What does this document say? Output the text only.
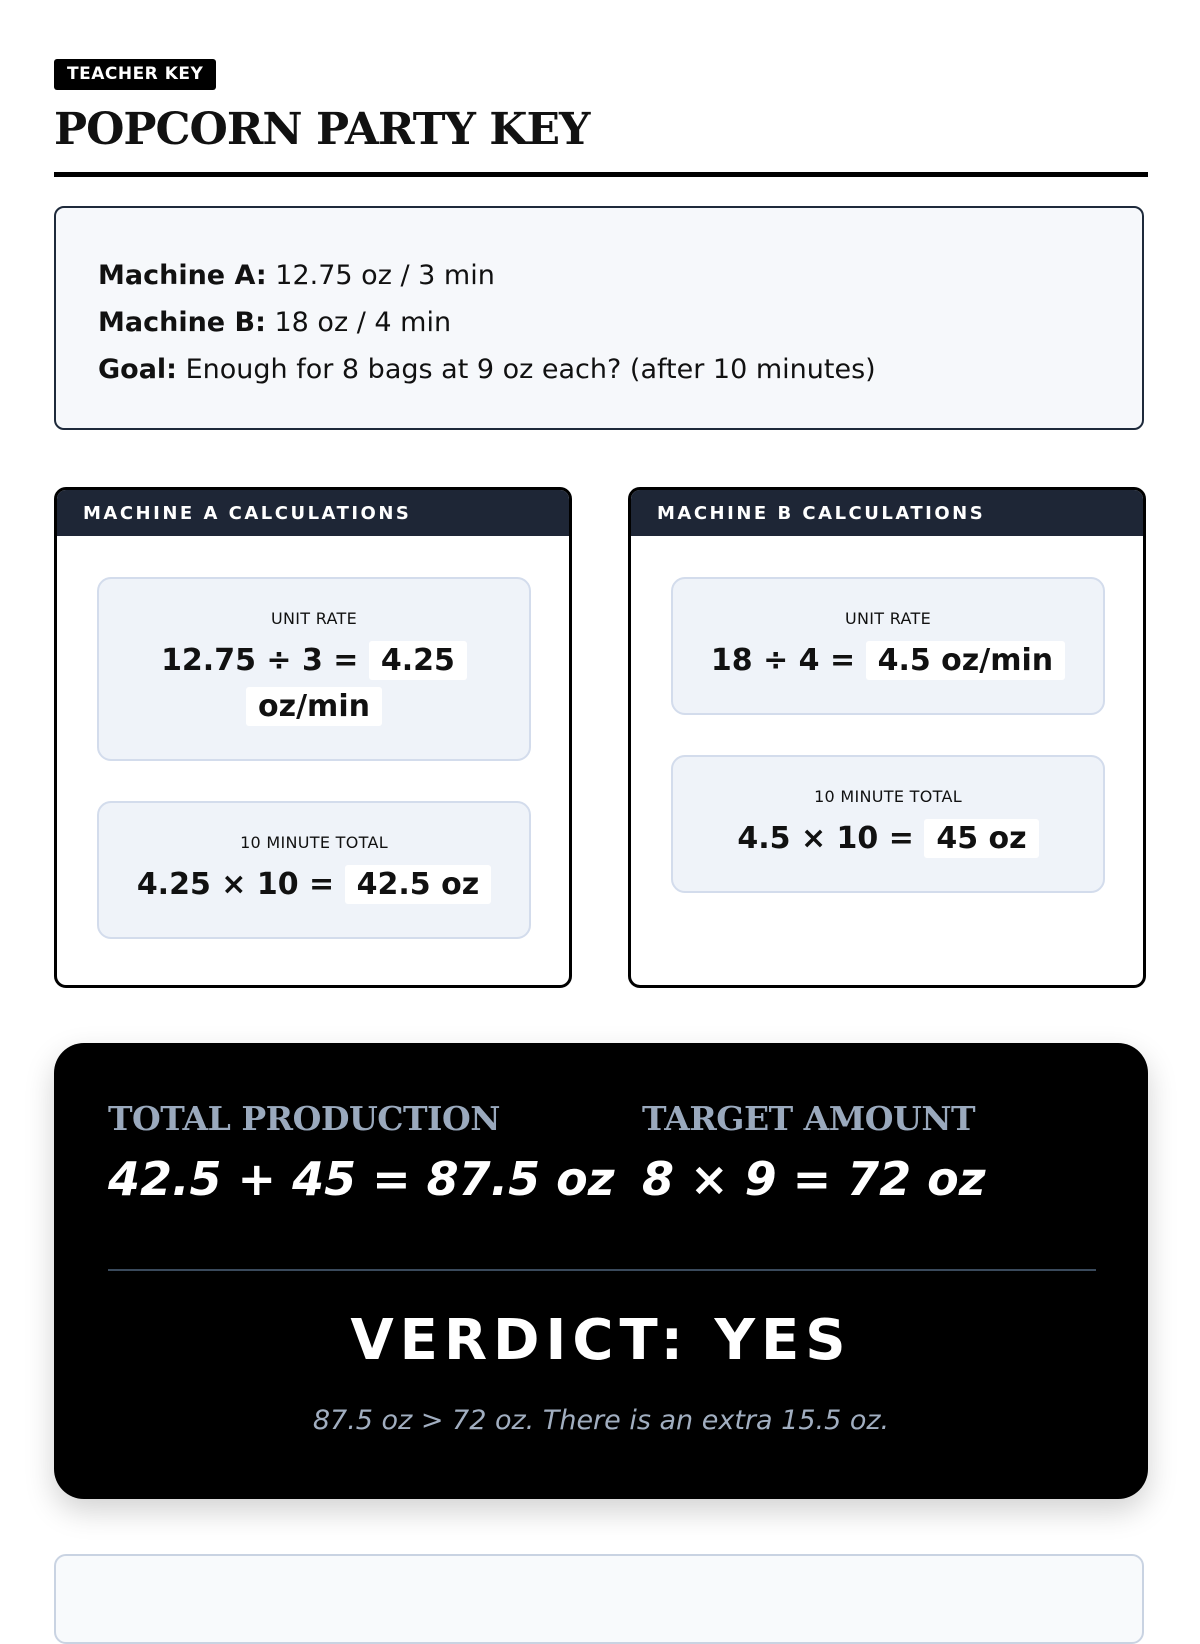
TEACHER KEY
POPCORN PARTY KEY
Machine A: 12.75 oz / 3 min
Machine B: 18 oz / 4 min
Goal: Enough for 8 bags at 9 oz each? (after 10 minutes)
MACHINE A CALCULATIONS
UNIT RATE
12.75 ÷ 3 = 4.25 oz/min
10 MINUTE TOTAL
4.25 × 10 = 42.5 oz
MACHINE B CALCULATIONS
UNIT RATE
18 ÷ 4 = 4.5 oz/min
10 MINUTE TOTAL
4.5 × 10 = 45 oz
TOTAL PRODUCTION
42.5 + 45 = 87.5 oz
TARGET AMOUNT
8 × 9 = 72 oz
VERDICT: YES
87.5 oz > 72 oz. There is an extra 15.5 oz.
